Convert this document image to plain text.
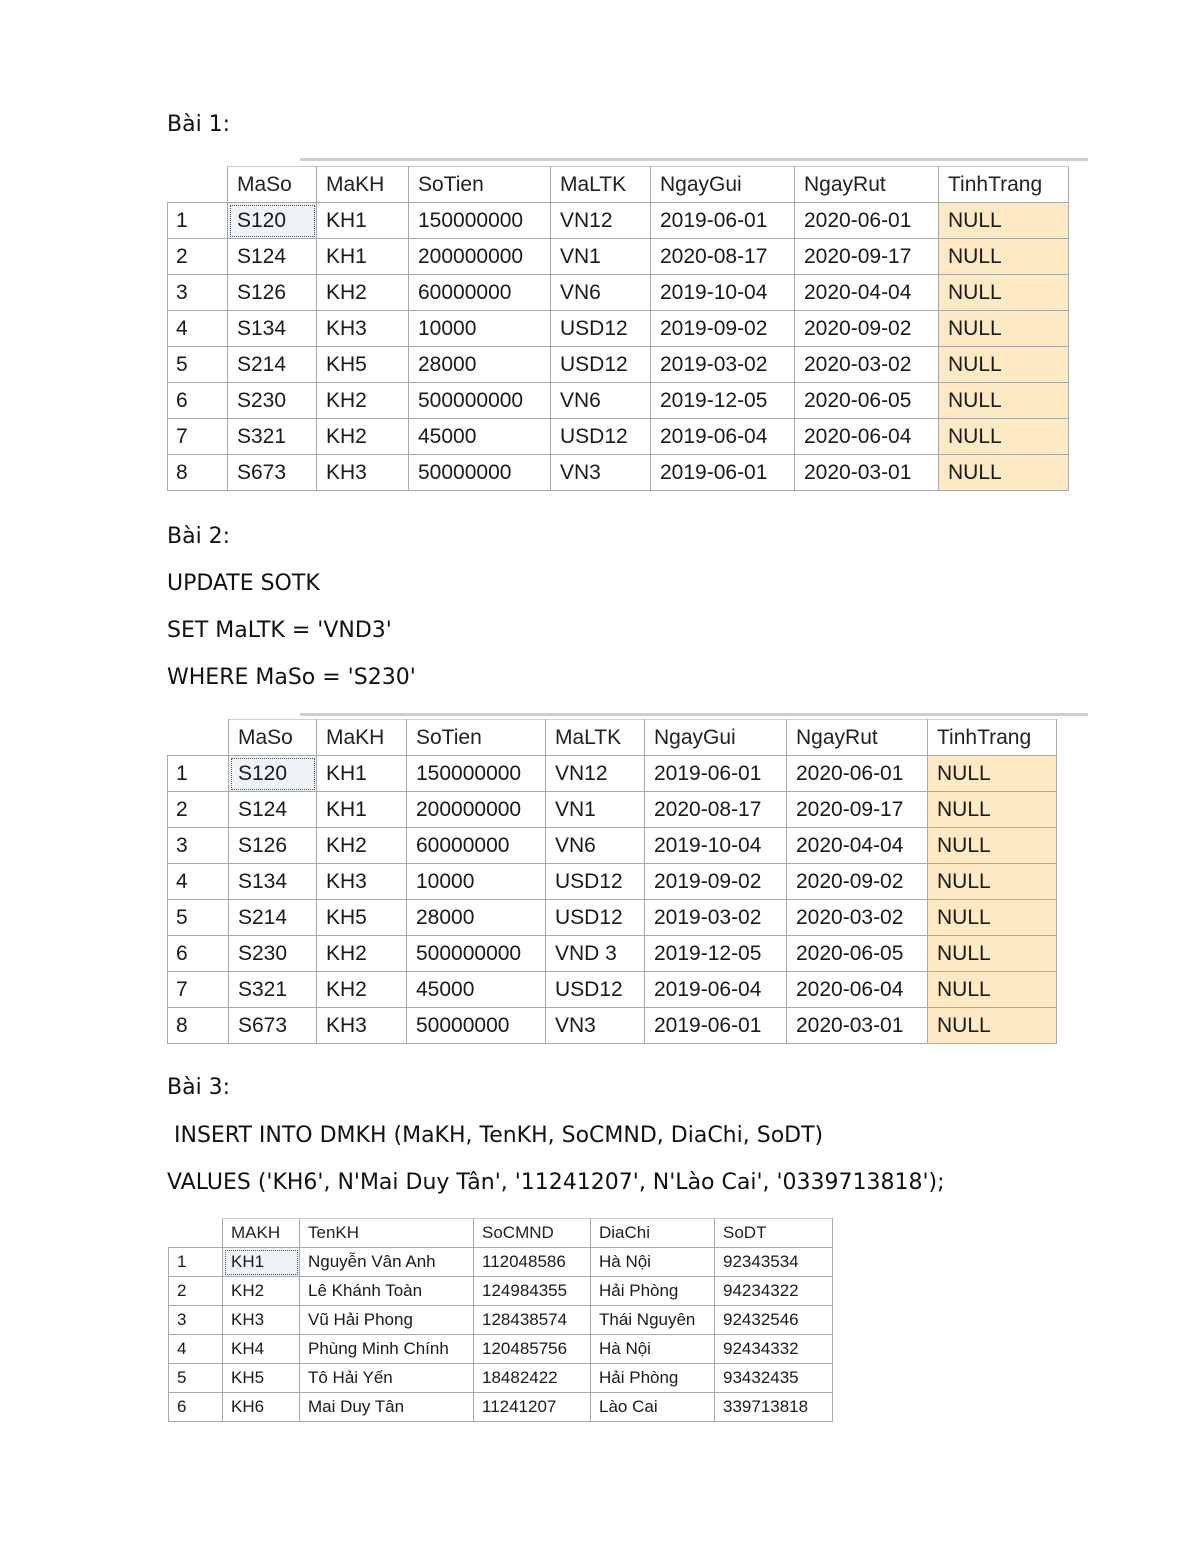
Bài 1:
	MaSo	MaKH	SoTien	MaLTK	NgayGui	NgayRut	TinhTrang
1	S120	KH1	150000000	VN12	2019-06-01	2020-06-01	NULL
2	S124	KH1	200000000	VN1	2020-08-17	2020-09-17	NULL
3	S126	KH2	60000000	VN6	2019-10-04	2020-04-04	NULL
4	S134	KH3	10000	USD12	2019-09-02	2020-09-02	NULL
5	S214	KH5	28000	USD12	2019-03-02	2020-03-02	NULL
6	S230	KH2	500000000	VN6	2019-12-05	2020-06-05	NULL
7	S321	KH2	45000	USD12	2019-06-04	2020-06-04	NULL
8	S673	KH3	50000000	VN3	2019-06-01	2020-03-01	NULL
Bài 2:
UPDATE SOTK
SET MaLTK = 'VND3'
WHERE MaSo = 'S230'
	MaSo	MaKH	SoTien	MaLTK	NgayGui	NgayRut	TinhTrang
1	S120	KH1	150000000	VN12	2019-06-01	2020-06-01	NULL
2	S124	KH1	200000000	VN1	2020-08-17	2020-09-17	NULL
3	S126	KH2	60000000	VN6	2019-10-04	2020-04-04	NULL
4	S134	KH3	10000	USD12	2019-09-02	2020-09-02	NULL
5	S214	KH5	28000	USD12	2019-03-02	2020-03-02	NULL
6	S230	KH2	500000000	VND 3	2019-12-05	2020-06-05	NULL
7	S321	KH2	45000	USD12	2019-06-04	2020-06-04	NULL
8	S673	KH3	50000000	VN3	2019-06-01	2020-03-01	NULL
Bài 3:
INSERT INTO DMKH (MaKH, TenKH, SoCMND, DiaChi, SoDT)
VALUES ('KH6', N'Mai Duy Tân', '11241207', N'Lào Cai', '0339713818');
	MAKH	TenKH	SoCMND	DiaChi	SoDT
1	KH1	Nguyễn Vân Anh	112048586	Hà Nội	92343534
2	KH2	Lê Khánh Toàn	124984355	Hải Phòng	94234322
3	KH3	Vũ Hải Phong	128438574	Thái Nguyên	92432546
4	KH4	Phùng Minh Chính	120485756	Hà Nội	92434332
5	KH5	Tô Hải Yến	18482422	Hải Phòng	93432435
6	KH6	Mai Duy Tân	11241207	Lào Cai	339713818
